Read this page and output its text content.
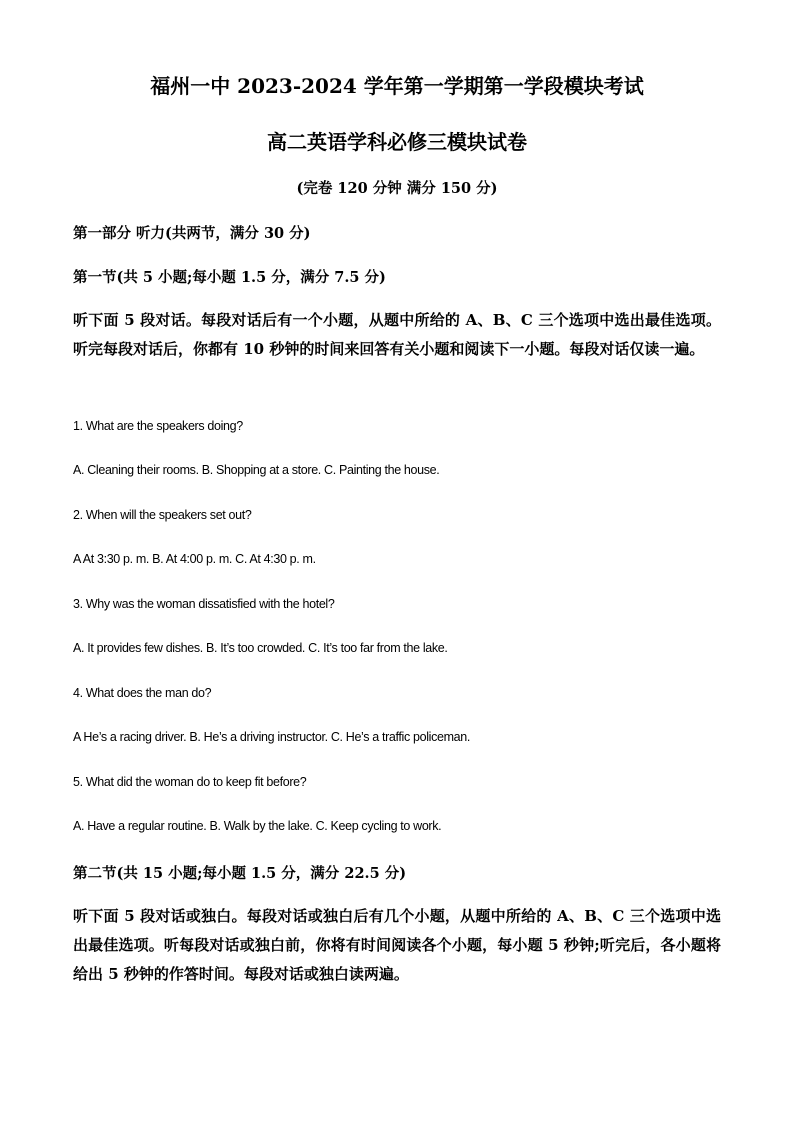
福州一中 2023-2024 学年第一学期第一学段模块考试
高二英语学科必修三模块试卷
(完卷 120 分钟 满分 150 分)
第一部分 听力(共两节，满分 30 分)
第一节(共 5 小题;每小题 1.5 分，满分 7.5 分)
听下面 5 段对话。每段对话后有一个小题，从题中所给的 A、B、C 三个选项中选出最佳选项。听完每段对话后，你都有 10 秒钟的时间来回答有关小题和阅读下一小题。每段对话仅读一遍。
1. What are the speakers doing?
A. Cleaning their rooms. B. Shopping at a store. C. Painting the house.
2. When will the speakers set out?
A At 3:30 p. m. B. At 4:00 p. m. C. At 4:30 p. m.
3. Why was the woman dissatisfied with the hotel?
A. It provides few dishes. B. It’s too crowded. C. It’s too far from the lake.
4. What does the man do?
A He’s a racing driver. B. He’s a driving instructor. C. He’s a traffic policeman.
5. What did the woman do to keep fit before?
A. Have a regular routine. B. Walk by the lake. C. Keep cycling to work.
第二节(共 15 小题;每小题 1.5 分，满分 22.5 分)
听下面 5 段对话或独白。每段对话或独白后有几个小题，从题中所给的 A、B、C 三个选项中选出最佳选项。听每段对话或独白前，你将有时间阅读各个小题，每小题 5 秒钟;听完后，各小题将给出 5 秒钟的作答时间。每段对话或独白读两遍。
